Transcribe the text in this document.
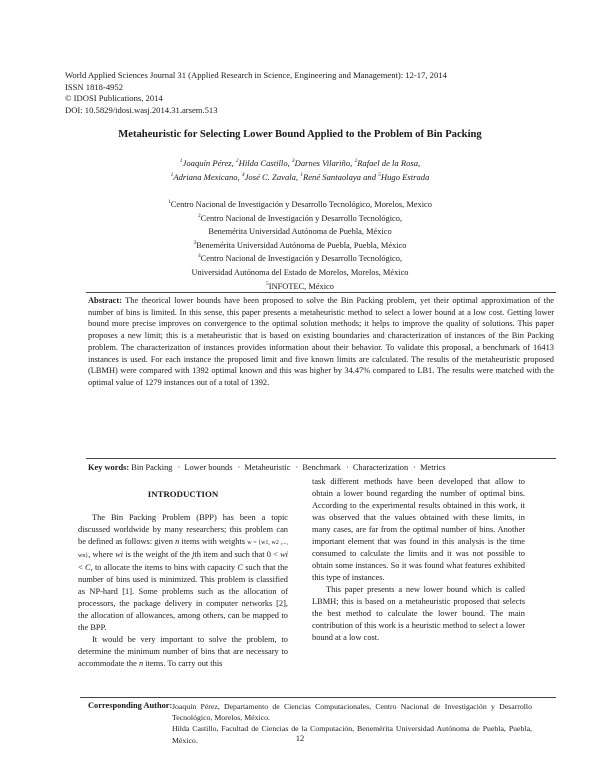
World Applied Sciences Journal 31 (Applied Research in Science, Engineering and Management): 12-17, 2014
ISSN 1818-4952
© IDOSI Publications, 2014
DOI: 10.5829/idosi.wasj.2014.31.arsem.513
Metaheuristic for Selecting Lower Bound Applied to the Problem of Bin Packing
$^1$Joaquín Pérez, $^2$Hilda Castillo, $^3$Darnes Vilariño, $^2$Rafael de la Rosa,
$^1$Adriana Mexicano, $^4$José C. Zavala, $^1$René Santaolaya and $^5$Hugo Estrada
$^1$Centro Nacional de Investigación y Desarrollo Tecnológico, Morelos, Mexico
$^2$Centro Nacional de Investigación y Desarrollo Tecnológico,
Benemérita Universidad Autónoma de Puebla, México
$^3$Benemérita Universidad Autónoma de Puebla, Puebla, México
$^4$Centro Nacional de Investigación y Desarrollo Tecnológico,
Universidad Autónoma del Estado de Morelos, Morelos, México
$^5$INFOTEC, México
Abstract: The theorical lower bounds have been proposed to solve the Bin Packing problem, yet their optimal approximation of the number of bins is limited. In this sense, this paper presents a metaheuristic method to select a lower bound at a low cost. Getting lower bound more precise improves on convergence to the optimal solution methods; it helps to improve the quality of solutions. This paper proposes a new limit; this is a metaheuristic that is based on existing boundaries and characterization of instances of the Bin Packing problem. The characterization of instances provides information about their behavior. To validate this proposal, a benchmark of 16413 instances is used. For each instance the proposed limit and five known limits are calculated. The results of the metaheuristic proposed (LBMH) were compared with 1392 optimal known and this was higher by 34.47% compared to LB1. The results were matched with the optimal value of 1279 instances out of a total of 1392.
Key words: Bin Packing · Lower bounds · Metaheuristic · Benchmark · Characterization · Metrics
INTRODUCTION

The Bin Packing Problem (BPP) has been a topic discussed worldwide by many researchers; this problem can be defined as follows: given n items with weights w = {w1, w2 ,..., wn}, where wi is the weight of the jth item and such that 0 < wi < C, to allocate the items to bins with capacity C such that the number of bins used is minimized. This problem is classified as NP-hard [1]. Some problems such as the allocation of processors, the package delivery in computer networks [2], the allocation of allowances, among others, can be mapped to the BPP.

It would be very important to solve the problem, to determine the minimum number of bins that are necessary to accommodate the n items. To carry out this

task different methods have been developed that allow to obtain a lower bound regarding the number of optimal bins. According to the experimental results obtained in this work, it was observed that the values obtained with these limits, in many cases, are far from the optimal number of bins. Another important element that was found in this analysis is the time consumed to calculate the limits and it was not possible to obtain some instances. So it was found what features exhibited this type of instances.

This paper presents a new lower bound which is called LBMH; this is based on a metaheuristic proposed that selects the best method to calculate the lower bound. The main contribution of this work is a heuristic method to select a lower bound at a low cost.

Corresponding Author: Joaquín Pérez, Departamento de Ciencias Computacionales, Centro Nacional de Investigación y Desarrollo Tecnológico, Morelos, México.
Hilda Castillo, Facultad de Ciencias de la Computación, Benemérita Universidad Autónoma de Puebla, Puebla, México.	12
